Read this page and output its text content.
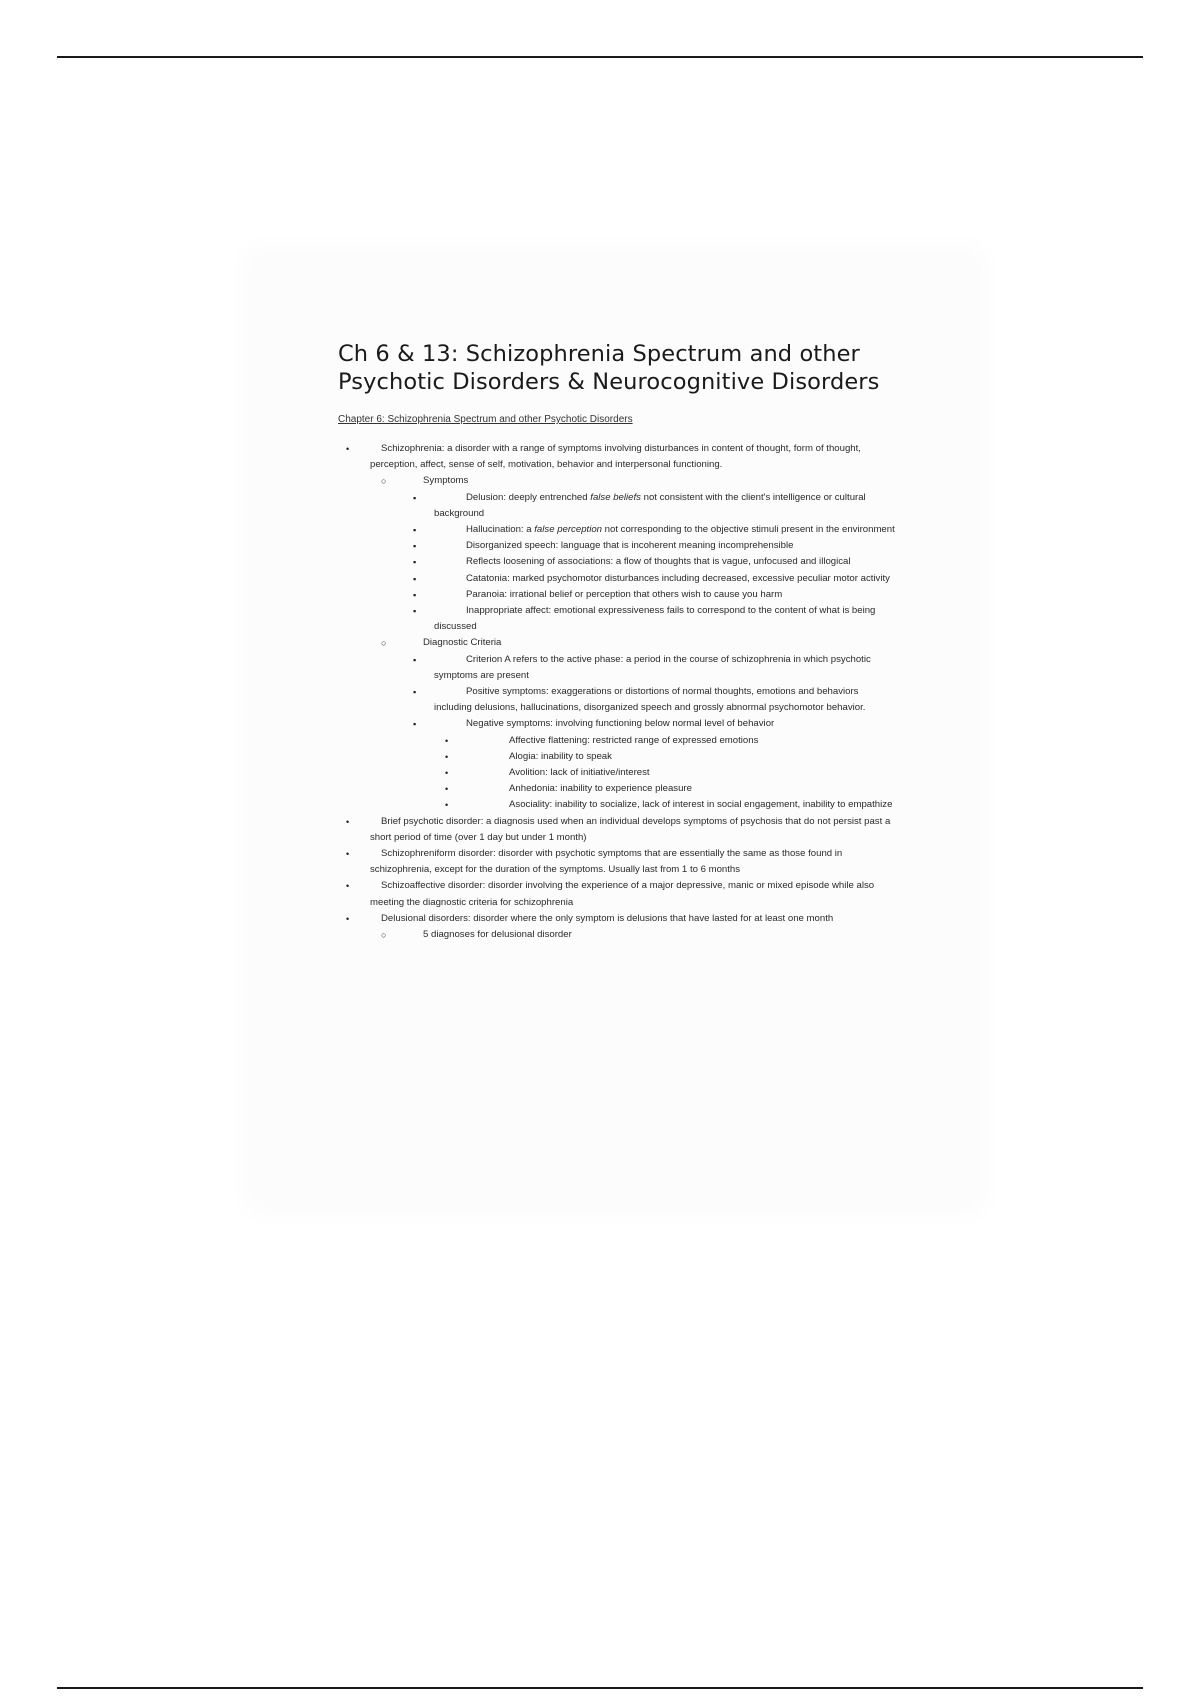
Ch 6 & 13: Schizophrenia Spectrum and other Psychotic Disorders & Neurocognitive Disorders
Chapter 6: Schizophrenia Spectrum and other Psychotic Disorders
•	Schizophrenia: a disorder with a range of symptoms involving disturbances in content of thought, form of thought, perception, affect, sense of self, motivation, behavior and interpersonal functioning.
○	Symptoms
▪	Delusion: deeply entrenched false beliefs not consistent with the client's intelligence or cultural background
▪	Hallucination: a false perception not corresponding to the objective stimuli present in the environment
▪	Disorganized speech: language that is incoherent meaning incomprehensible
▪	Reflects loosening of associations: a flow of thoughts that is vague, unfocused and illogical
▪	Catatonia: marked psychomotor disturbances including decreased, excessive peculiar motor activity
▪	Paranoia: irrational belief or perception that others wish to cause you harm
▪	Inappropriate affect: emotional expressiveness fails to correspond to the content of what is being discussed
○	Diagnostic Criteria
▪	Criterion A refers to the active phase: a period in the course of schizophrenia in which psychotic symptoms are present
▪	Positive symptoms: exaggerations or distortions of normal thoughts, emotions and behaviors including delusions, hallucinations, disorganized speech and grossly abnormal psychomotor behavior.
▪	Negative symptoms: involving functioning below normal level of behavior
•	Affective flattening: restricted range of expressed emotions
•	Alogia: inability to speak
•	Avolition: lack of initiative/interest
•	Anhedonia: inability to experience pleasure
•	Asociality: inability to socialize, lack of interest in social engagement, inability to empathize
•	Brief psychotic disorder: a diagnosis used when an individual develops symptoms of psychosis that do not persist past a short period of time (over 1 day but under 1 month)
•	Schizophreniform disorder: disorder with psychotic symptoms that are essentially the same as those found in schizophrenia, except for the duration of the symptoms. Usually last from 1 to 6 months
•	Schizoaffective disorder: disorder involving the experience of a major depressive, manic or mixed episode while also meeting the diagnostic criteria for schizophrenia
•	Delusional disorders: disorder where the only symptom is delusions that have lasted for at least one month
○	5 diagnoses for delusional disorder
